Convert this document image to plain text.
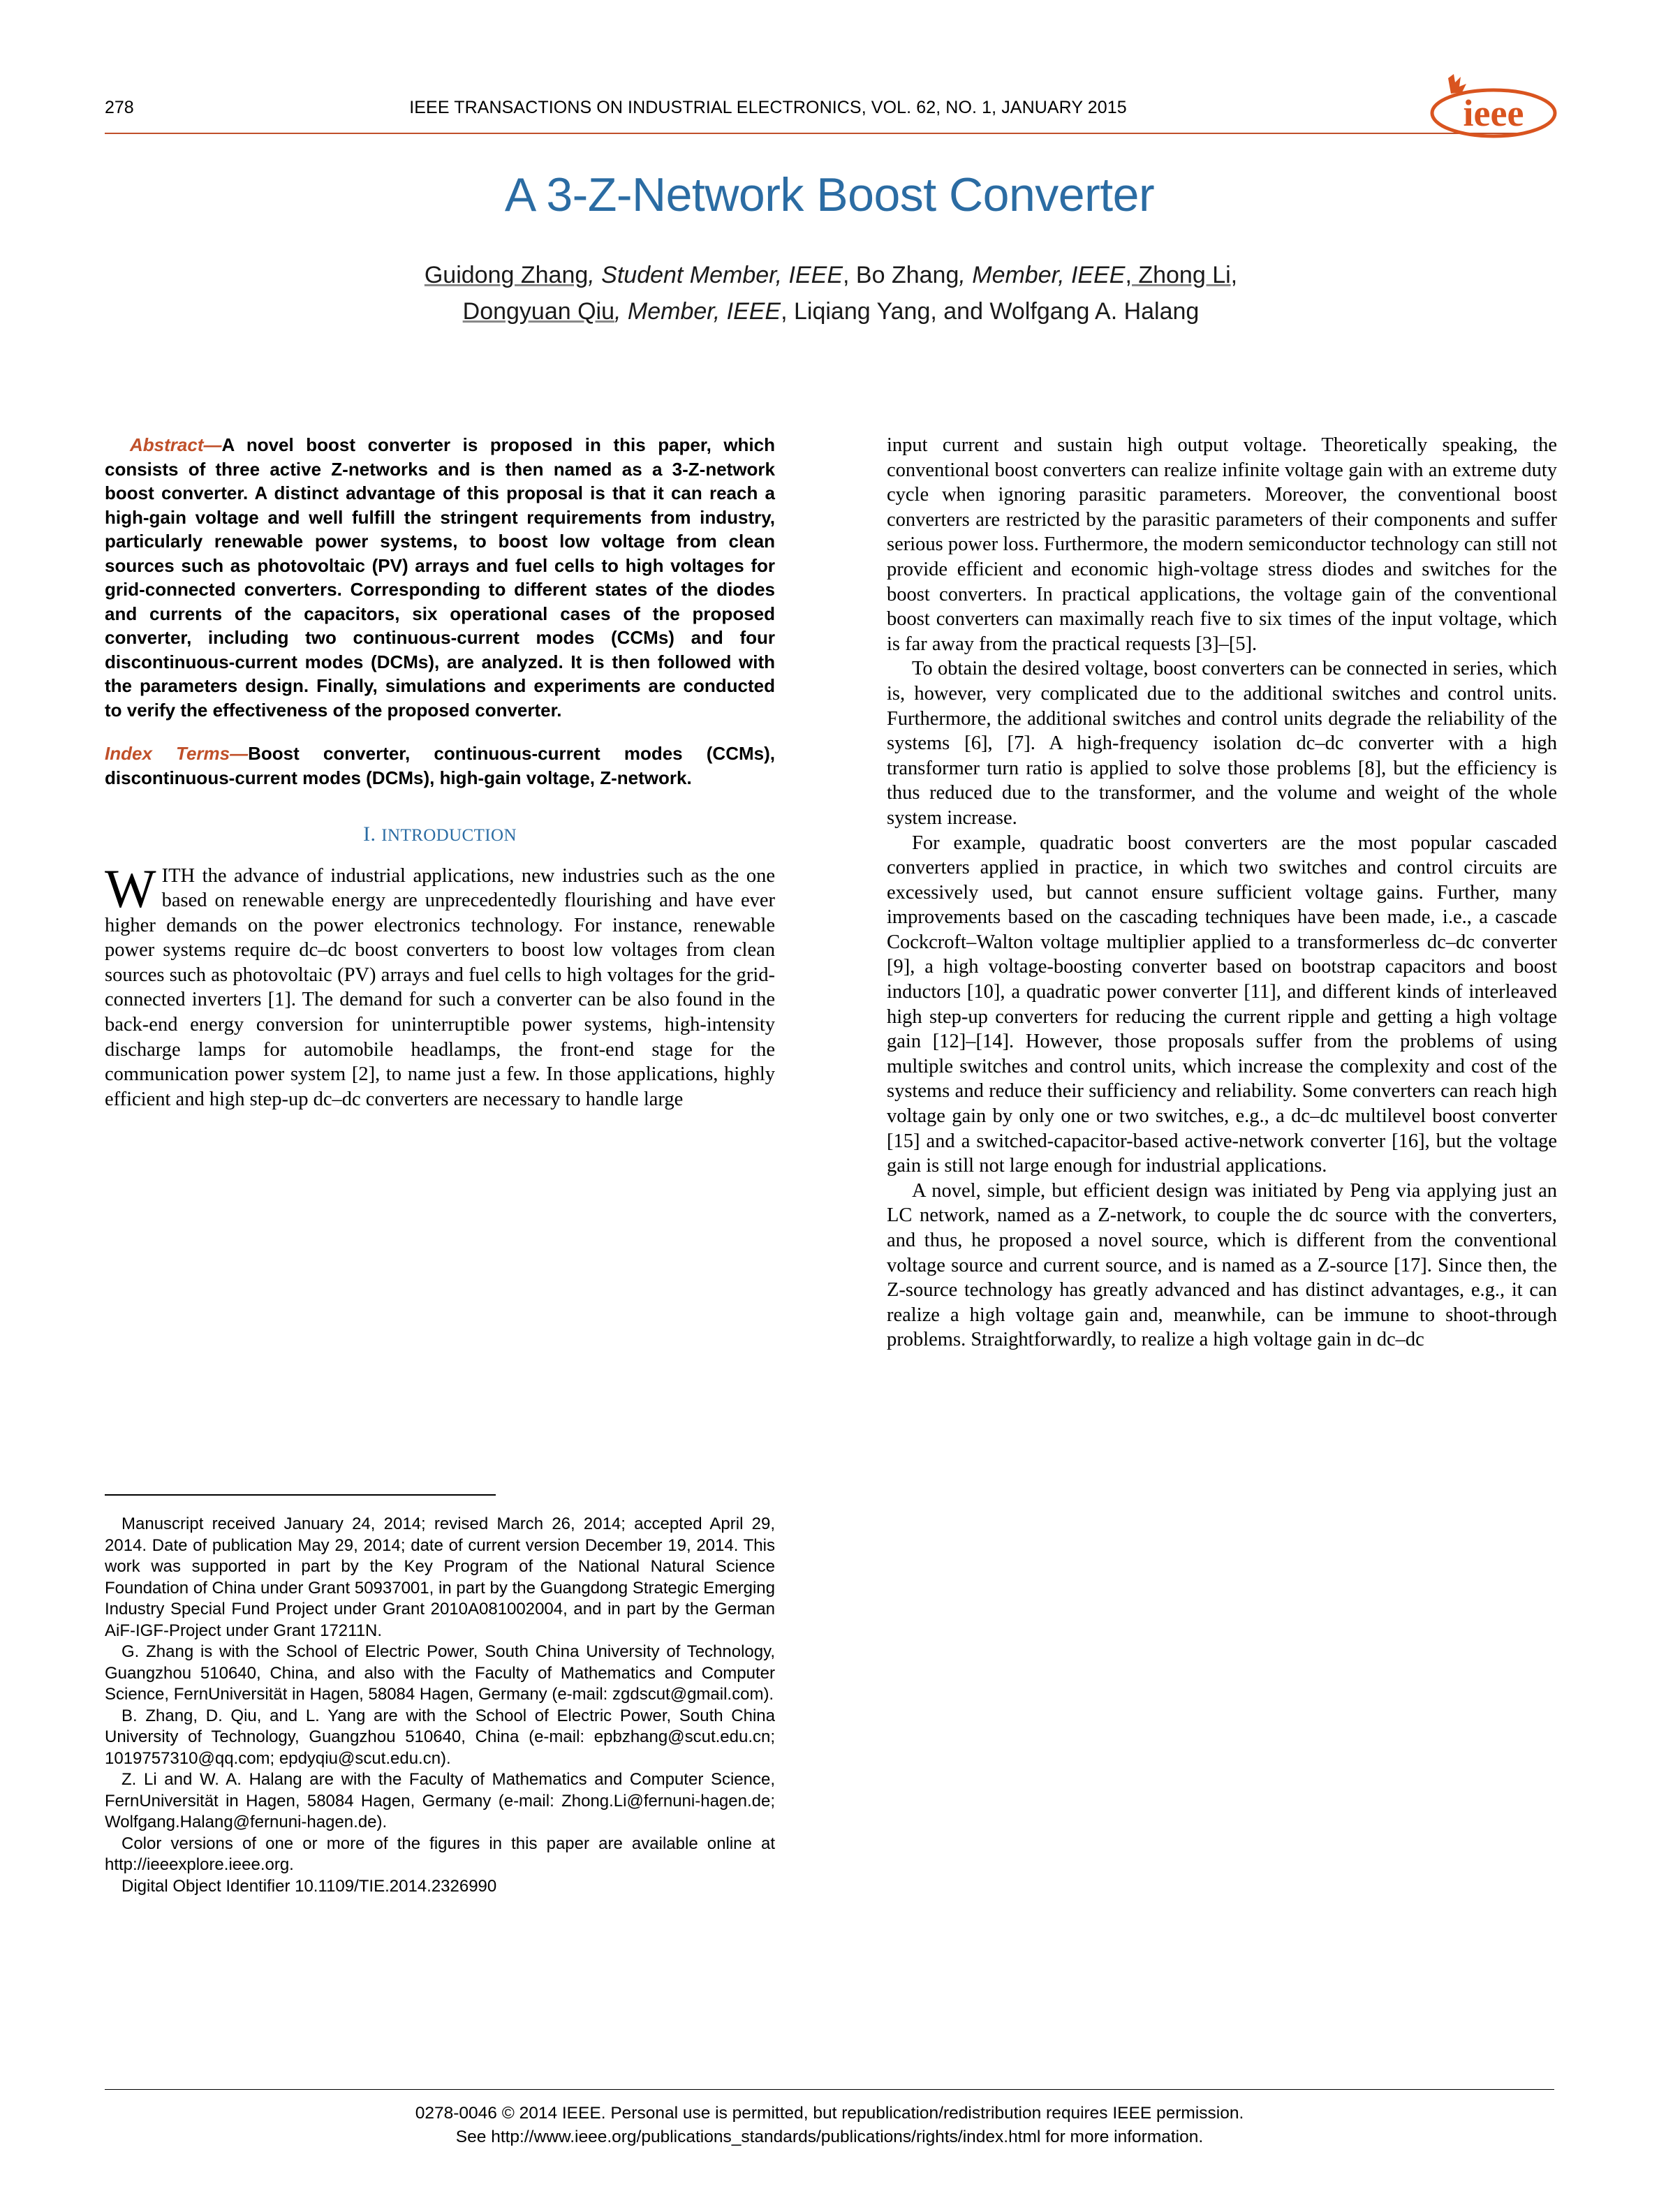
278	IEEE TRANSACTIONS ON INDUSTRIAL ELECTRONICS, VOL. 62, NO. 1, JANUARY 2015	ieee
A 3-Z-Network Boost Converter
Guidong Zhang, Student Member, IEEE, Bo Zhang, Member, IEEE, Zhong Li,
Dongyuan Qiu, Member, IEEE, Liqiang Yang, and Wolfgang A. Halang
Abstract—A novel boost converter is proposed in this paper, which consists of three active Z-networks and is then named as a 3-Z-network boost converter. A distinct advantage of this proposal is that it can reach a high-gain voltage and well fulfill the stringent requirements from industry, particularly renewable power systems, to boost low voltage from clean sources such as photovoltaic (PV) arrays and fuel cells to high voltages for grid-connected converters. Corresponding to different states of the diodes and currents of the capacitors, six operational cases of the proposed converter, including two continuous-current modes (CCMs) and four discontinuous-current modes (DCMs), are analyzed. It is then followed with the parameters design. Finally, simulations and experiments are conducted to verify the effectiveness of the proposed converter.
Index Terms—Boost converter, continuous-current modes (CCMs), discontinuous-current modes (DCMs), high-gain voltage, Z-network.
I. INTRODUCTION

WITH the advance of industrial applications, new industries such as the one based on renewable energy are unprecedentedly flourishing and have ever higher demands on the power electronics technology. For instance, renewable power systems require dc–dc boost converters to boost low voltages from clean sources such as photovoltaic (PV) arrays and fuel cells to high voltages for the grid-connected inverters [1]. The demand for such a converter can be also found in the back-end energy conversion for uninterruptible power systems, high-intensity discharge lamps for automobile headlamps, the front-end stage for the communication power system [2], to name just a few. In those applications, highly efficient and high step-up dc–dc converters are necessary to handle large

input current and sustain high output voltage. Theoretically speaking, the conventional boost converters can realize infinite voltage gain with an extreme duty cycle when ignoring parasitic parameters. Moreover, the conventional boost converters are restricted by the parasitic parameters of their components and suffer serious power loss. Furthermore, the modern semiconductor technology can still not provide efficient and economic high-voltage stress diodes and switches for the boost converters. In practical applications, the voltage gain of the conventional boost converters can maximally reach five to six times of the input voltage, which is far away from the practical requests [3]–[5].

To obtain the desired voltage, boost converters can be connected in series, which is, however, very complicated due to the additional switches and control units. Furthermore, the additional switches and control units degrade the reliability of the systems [6], [7]. A high-frequency isolation dc–dc converter with a high transformer turn ratio is applied to solve those problems [8], but the efficiency is thus reduced due to the transformer, and the volume and weight of the whole system increase.

For example, quadratic boost converters are the most popular cascaded converters applied in practice, in which two switches and control circuits are excessively used, but cannot ensure sufficient voltage gains. Further, many improvements based on the cascading techniques have been made, i.e., a cascade Cockcroft–Walton voltage multiplier applied to a transformerless dc–dc converter [9], a high voltage-boosting converter based on bootstrap capacitors and boost inductors [10], a quadratic power converter [11], and different kinds of interleaved high step-up converters for reducing the current ripple and getting a high voltage gain [12]–[14]. However, those proposals suffer from the problems of using multiple switches and control units, which increase the complexity and cost of the systems and reduce their sufficiency and reliability. Some converters can reach high voltage gain by only one or two switches, e.g., a dc–dc multilevel boost converter [15] and a switched-capacitor-based active-network converter [16], but the voltage gain is still not large enough for industrial applications.

A novel, simple, but efficient design was initiated by Peng via applying just an LC network, named as a Z-network, to couple the dc source with the converters, and thus, he proposed a novel source, which is different from the conventional voltage source and current source, and is named as a Z-source [17]. Since then, the Z-source technology has greatly advanced and has distinct advantages, e.g., it can realize a high voltage gain and, meanwhile, can be immune to shoot-through problems. Straightforwardly, to realize a high voltage gain in dc–dc

Manuscript received January 24, 2014; revised March 26, 2014; accepted April 29, 2014. Date of publication May 29, 2014; date of current version December 19, 2014. This work was supported in part by the Key Program of the National Natural Science Foundation of China under Grant 50937001, in part by the Guangdong Strategic Emerging Industry Special Fund Project under Grant 2010A081002004, and in part by the German AiF-IGF-Project under Grant 17211N.

G. Zhang is with the School of Electric Power, South China University of Technology, Guangzhou 510640, China, and also with the Faculty of Mathematics and Computer Science, FernUniversität in Hagen, 58084 Hagen, Germany (e-mail: zgdscut@gmail.com).

B. Zhang, D. Qiu, and L. Yang are with the School of Electric Power, South China University of Technology, Guangzhou 510640, China (e-mail: epbzhang@scut.edu.cn; 1019757310@qq.com; epdyqiu@scut.edu.cn).

Z. Li and W. A. Halang are with the Faculty of Mathematics and Computer Science, FernUniversität in Hagen, 58084 Hagen, Germany (e-mail: Zhong.Li@fernuni-hagen.de; Wolfgang.Halang@fernuni-hagen.de).

Color versions of one or more of the figures in this paper are available online at http://ieeexplore.ieee.org.

Digital Object Identifier 10.1109/TIE.2014.2326990

0278-0046 © 2014 IEEE. Personal use is permitted, but republication/redistribution requires IEEE permission.
See http://www.ieee.org/publications_standards/publications/rights/index.html for more information.
